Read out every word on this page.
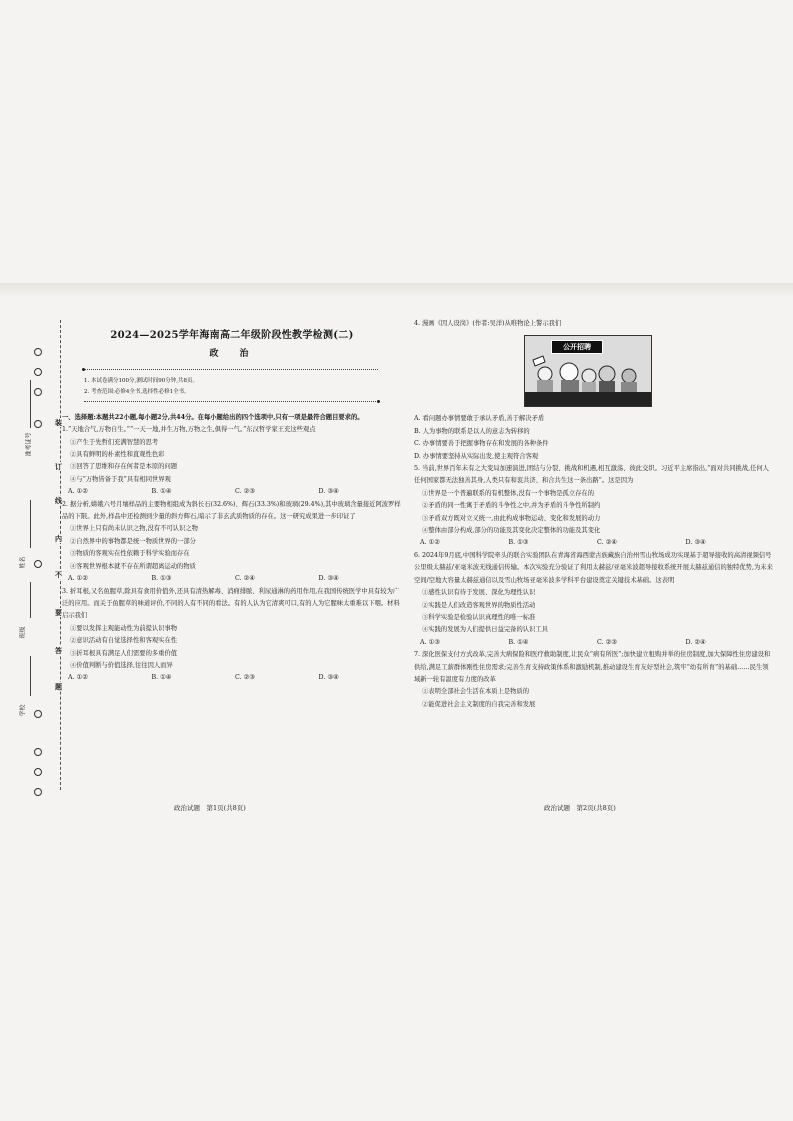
装
订
线
内
不
要
答
题
准考证号
姓名
班级
学校
2024—2025学年海南高二年级阶段性教学检测(二)
政　治

1. 本试卷满分100分,测试时间90分钟,共8页。

2. 考查范围:必修4全书,选择性必修1全书。

一、选择题:本题共22小题,每小题2分,共44分。在每小题给出的四个选项中,只有一项是最符合题目要求的。

1.“天地合气,万物自生。”“一天一地,并生万物,万物之生,俱得一气。”东汉哲学家王充这些观点

①产生于先哲们充满智慧的思考

②具有鲜明的朴素性和直观性色彩

③回答了思维和存在何者是本原的问题

④与“万物皆备于我”具有相同世界观

A. ①②	B. ①④	C. ②③	D. ③④

2. 据分析,嫦娥六号月壤样品的主要物相组成为斜长石(32.6%)、辉石(33.3%)和玻璃(29.4%),其中玻璃含量接近阿波罗样品的下限。此外,样品中还检测到少量的斜方辉石,暗示了非玄武质物质的存在。这一研究成果进一步印证了

①世界上只有尚未认识之物,没有不可认识之物

②自然界中的事物都是统一物质世界的一部分

③物质的客观实在性依赖于科学实验而存在

④客观世界根本就不存在所谓超离运动的物质

A. ①②	B. ①③	C. ②④	D. ③④

3. 折耳根,又名鱼腥草,除具有食用价值外,还具有清热解毒、消痈排脓、利尿通淋的药用作用,在我国传统医学中具有较为广泛的应用。而关于鱼腥草的味道评价,不同的人有不同的看法。有的人认为它清爽可口,有的人为它腥味太重难以下咽。材料启示我们

①要以发挥主观能动性为前提认识事物

②意识活动有自觉选择性和客观实在性

③折耳根具有满足人们需要的多重价值

④价值判断与价值选择,往往因人而异

A. ①②	B. ①④	C. ②③	D. ③④
政治试题　第1页(共8页)

4. 漫画《因人设岗》(作者:吴洋)从唯物论上警示我们

公开招聘

A. 看问题办事情要敢于承认矛盾,善于解决矛盾

B. 人为事物的联系是以人的意志为转移的

C. 办事情要善于把握事物存在和发展的各种条件

D. 办事情要坚持从实际出发,使主观符合客观

5. 当前,世界百年未有之大变局加速演进,团结与分裂、挑战和机遇,相互激荡、彼此交织。习近平主席指出,“面对共同挑战,任何人任何国家都无法独善其身,人类只有和衷共济、和合共生这一条出路”。这是因为

①世界是一个普遍联系的有机整体,没有一个事物是孤立存在的

②矛盾的同一性寓于矛盾的斗争性之中,并为矛盾的斗争性所制约

③矛盾双方既对立又统一,由此构成事物运动、变化和发展的动力

④整体由部分构成,部分的功能及其变化决定整体的功能及其变化

A. ①②	B. ①③	C. ②④	D. ③④

6. 2024年9月底,中国科学院牵头的联合实验团队在青海省海西蒙古族藏族自治州雪山牧场成功实现基于超导接收的高清视频信号公里级太赫兹/亚毫米波无线通信传输。本次实验充分验证了利用太赫兹/亚毫米波超导接收系统开展太赫兹通信的独特优势,为未来空间/空地大容量太赫兹通信以及雪山牧场亚毫米波多学科平台建设奠定关键技术基础。这表明

①感性认识有待于发展、深化为理性认识

②实践是人们改造客观世界的物质性活动

③科学实验是检验认识真理性的唯一标准

④实践的发展为人们提供日益完备的认识工具

A. ①③	B. ①④	C. ②③	D. ②④

7. 深化医保支付方式改革,完善大病保险和医疗救助制度,让民众“病有所医”;加快建立租购并举的住房制度,加大保障性住房建设和供给,满足工薪群体刚性住房需求;完善生育支持政策体系和激励机制,推动建设生育友好型社会,筑牢“幼有所育”的基础……民生领域新一轮有温度有力度的改革

①表明全部社会生活在本质上是物质的

②能促进社会主义制度的自我完善和发展

政治试题　第2页(共8页)
